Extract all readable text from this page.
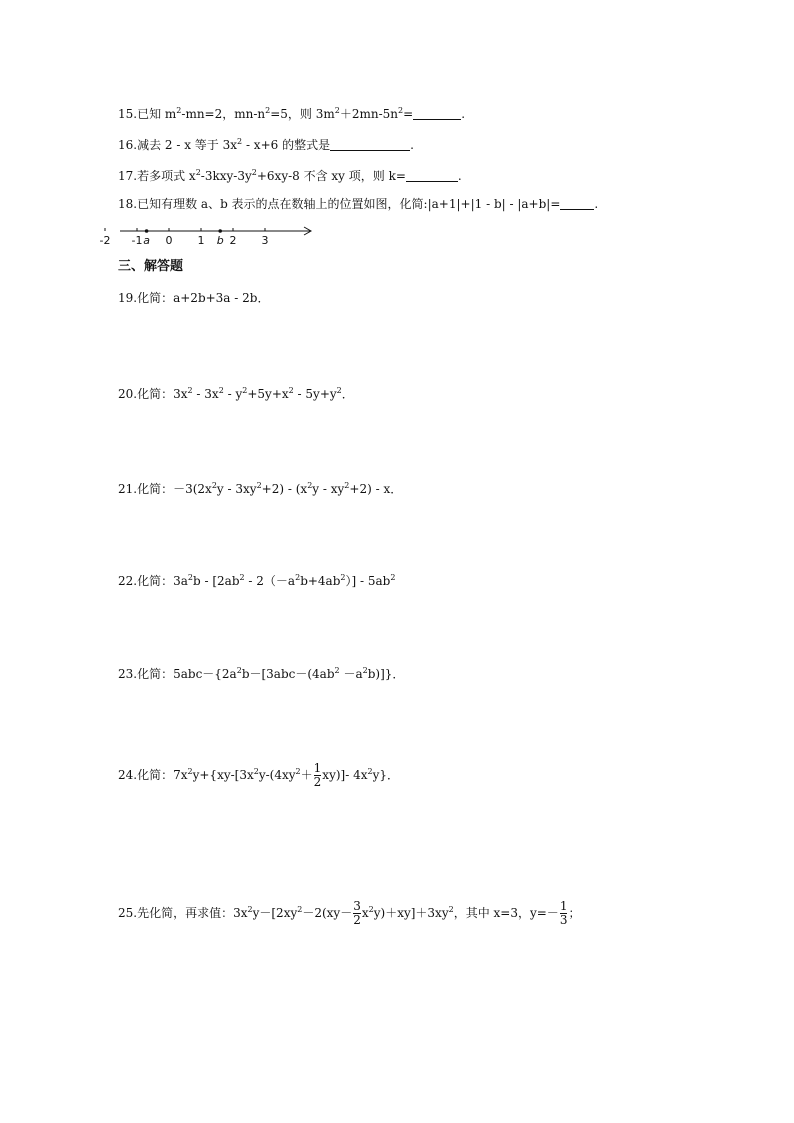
15.已知 $m^2-mn=2$，$mn-n^2=5$，则 $3m^2+2mn-5n^2=$	.
16.减去 2 - x 等于 $3x^2 - x+6$ 的整式是	.
17.若多项式 $x^2-3kxy-3y^2+6xy-8$ 不含 xy 项，则 k=	.
18.已知有理数 a、b 表示的点在数轴上的位置如图，化简:|a+1|+|1 - b| - |a+b|=	.
-2 -1 0 1 2 3
a	b
三、解答题
19.化简：a+2b+3a - 2b．
20.化简：$3x^2 - 3x^2 - y^2+5y+x^2 - 5y+y^2$．
21.化简：$-3(2x^2y - 3xy^2+2) - (x^2y - xy^2+2) - x$．
22.化简：$3a^2b - [2ab^2 - 2(-a^2b+4ab^2)] - 5ab^2$
23.化简：$5abc-\{2a^2b-[3abc-(4ab^2 -a^2b)]\}$．
24.化简：$7x^2y+\{xy-[3x^2y-(4xy^2+ \frac{1}{2} xy)]-$ $4x^2y$}．
25.先化简，再求值：$3x^2y-[2xy^2-2(xy- \frac{3}{2} x^2y)+xy]+3xy^2$，其中 x=3，$y=- \frac{1}{3}$ ；
